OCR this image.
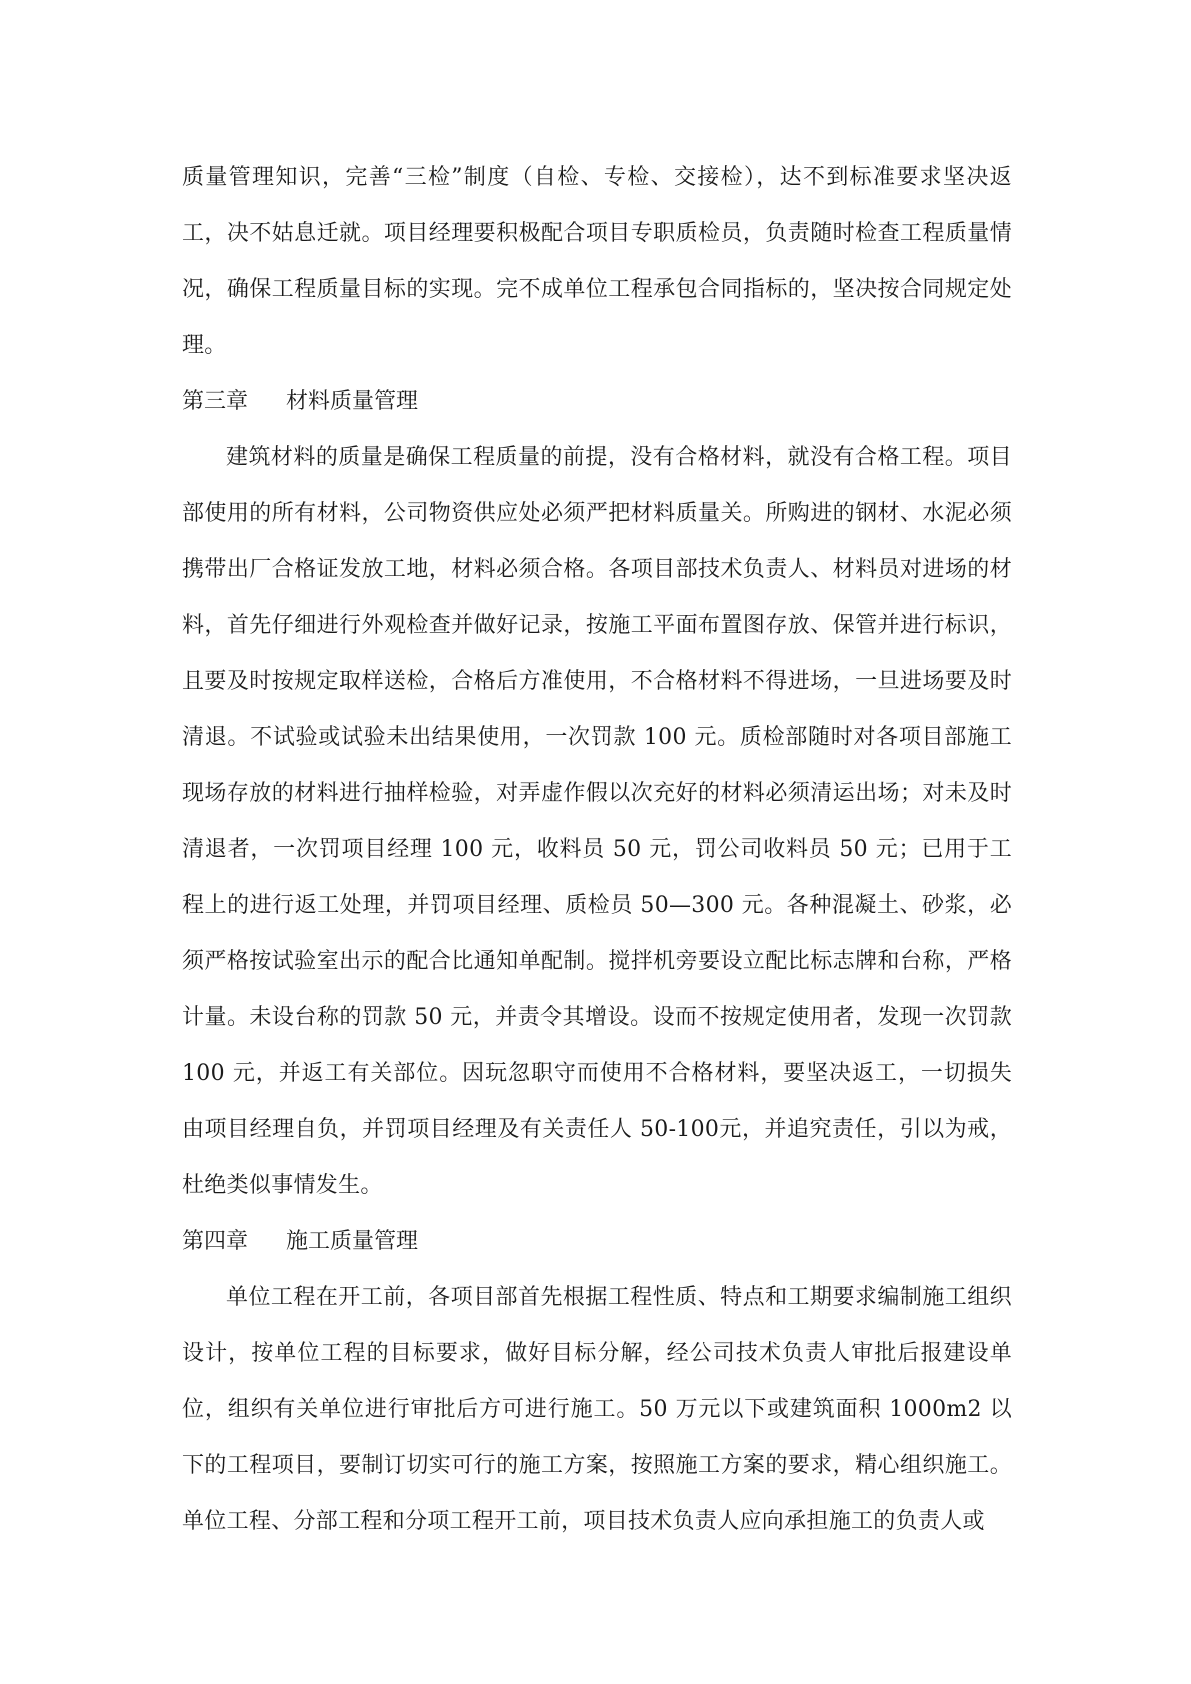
质量管理知识，完善“三检”制度（自检、专检、交接检），达不到标准要求坚决返工，决不姑息迁就。项目经理要积极配合项目专职质检员，负责随时检查工程质量情况，确保工程质量目标的实现。完不成单位工程承包合同指标的，坚决按合同规定处理。

第三章 材料质量管理

建筑材料的质量是确保工程质量的前提，没有合格材料，就没有合格工程。项目部使用的所有材料，公司物资供应处必须严把材料质量关。所购进的钢材、水泥必须携带出厂合格证发放工地，材料必须合格。各项目部技术负责人、材料员对进场的材料，首先仔细进行外观检查并做好记录，按施工平面布置图存放、保管并进行标识，且要及时按规定取样送检，合格后方准使用，不合格材料不得进场，一旦进场要及时清退。不试验或试验未出结果使用，一次罚款 100 元。质检部随时对各项目部施工现场存放的材料进行抽样检验，对弄虚作假以次充好的材料必须清运出场；对未及时清退者，一次罚项目经理 100 元，收料员 50 元，罚公司收料员 50 元；已用于工程上的进行返工处理，并罚项目经理、质检员 50—300 元。各种混凝土、砂浆，必须严格按试验室出示的配合比通知单配制。搅拌机旁要设立配比标志牌和台称，严格计量。未设台称的罚款 50 元，并责令其增设。设而不按规定使用者，发现一次罚款 100 元，并返工有关部位。因玩忽职守而使用不合格材料，要坚决返工，一切损失由项目经理自负，并罚项目经理及有关责任人 50-100元，并追究责任，引以为戒，杜绝类似事情发生。

第四章 施工质量管理

单位工程在开工前，各项目部首先根据工程性质、特点和工期要求编制施工组织设计，按单位工程的目标要求，做好目标分解，经公司技术负责人审批后报建设单位，组织有关单位进行审批后方可进行施工。50 万元以下或建筑面积 1000m2 以下的工程项目，要制订切实可行的施工方案，按照施工方案的要求，精心组织施工。单位工程、分部工程和分项工程开工前，项目技术负责人应向承担施工的负责人或
